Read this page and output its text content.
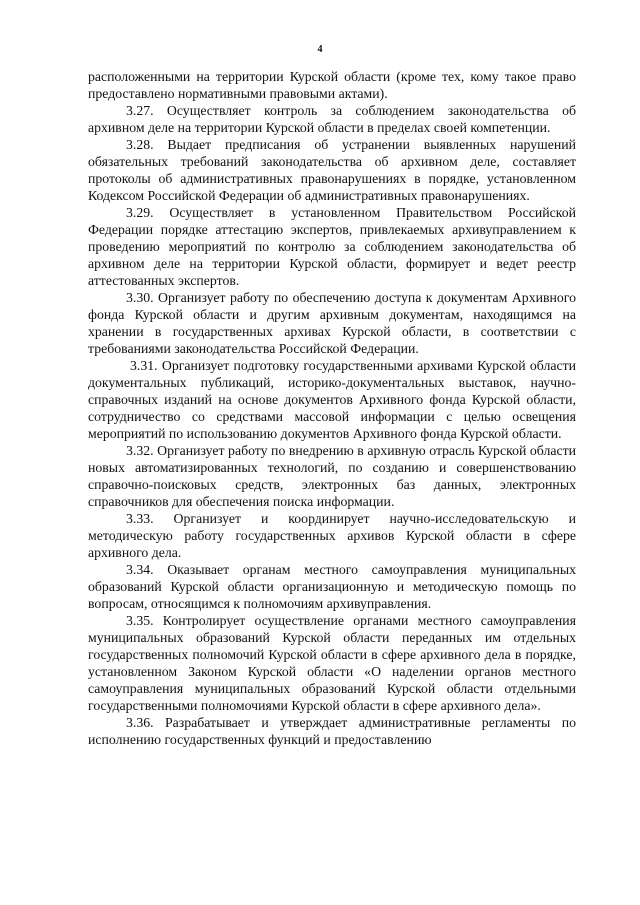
4

расположенными на территории Курской области (кроме тех, кому такое право предоставлено нормативными правовыми актами).

3.27. Осуществляет контроль за соблюдением законодательства об архивном деле на территории Курской области в пределах своей компетенции.

3.28. Выдает предписания об устранении выявленных нарушений обязательных требований законодательства об архивном деле, составляет протоколы об административных правонарушениях в порядке, установленном Кодексом Российской Федерации об административных правонарушениях.

3.29. Осуществляет в установленном Правительством Российской Федерации порядке аттестацию экспертов, привлекаемых архивуправлением к проведению мероприятий по контролю за соблюдением законодательства об архивном деле на территории Курской области, формирует и ведет реестр аттестованных экспертов.

3.30. Организует работу по обеспечению доступа к документам Архивного фонда Курской области и другим архивным документам, находящимся на хранении в государственных архивах Курской области, в соответствии с требованиями законодательства Российской Федерации.

3.31. Организует подготовку государственными архивами Курской области документальных публикаций, историко-документальных выставок, научно-справочных изданий на основе документов Архивного фонда Курской области, сотрудничество со средствами массовой информации с целью освещения мероприятий по использованию документов Архивного фонда Курской области.

3.32. Организует работу по внедрению в архивную отрасль Курской области новых автоматизированных технологий, по созданию и совершенствованию справочно-поисковых средств, электронных баз данных, электронных справочников для обеспечения поиска информации.

3.33. Организует и координирует научно-исследовательскую и методическую работу государственных архивов Курской области в сфере архивного дела.

3.34. Оказывает органам местного самоуправления муниципальных образований Курской области организационную и методическую помощь по вопросам, относящимся к полномочиям архивуправления.

3.35. Контролирует осуществление органами местного самоуправления муниципальных образований Курской области переданных им отдельных государственных полномочий Курской области в сфере архивного дела в порядке, установленном Законом Курской области «О наделении органов местного самоуправления муниципальных образований Курской области отдельными государственными полномочиями Курской области в сфере архивного дела».

3.36. Разрабатывает и утверждает административные регламенты по исполнению государственных функций и предоставлению
